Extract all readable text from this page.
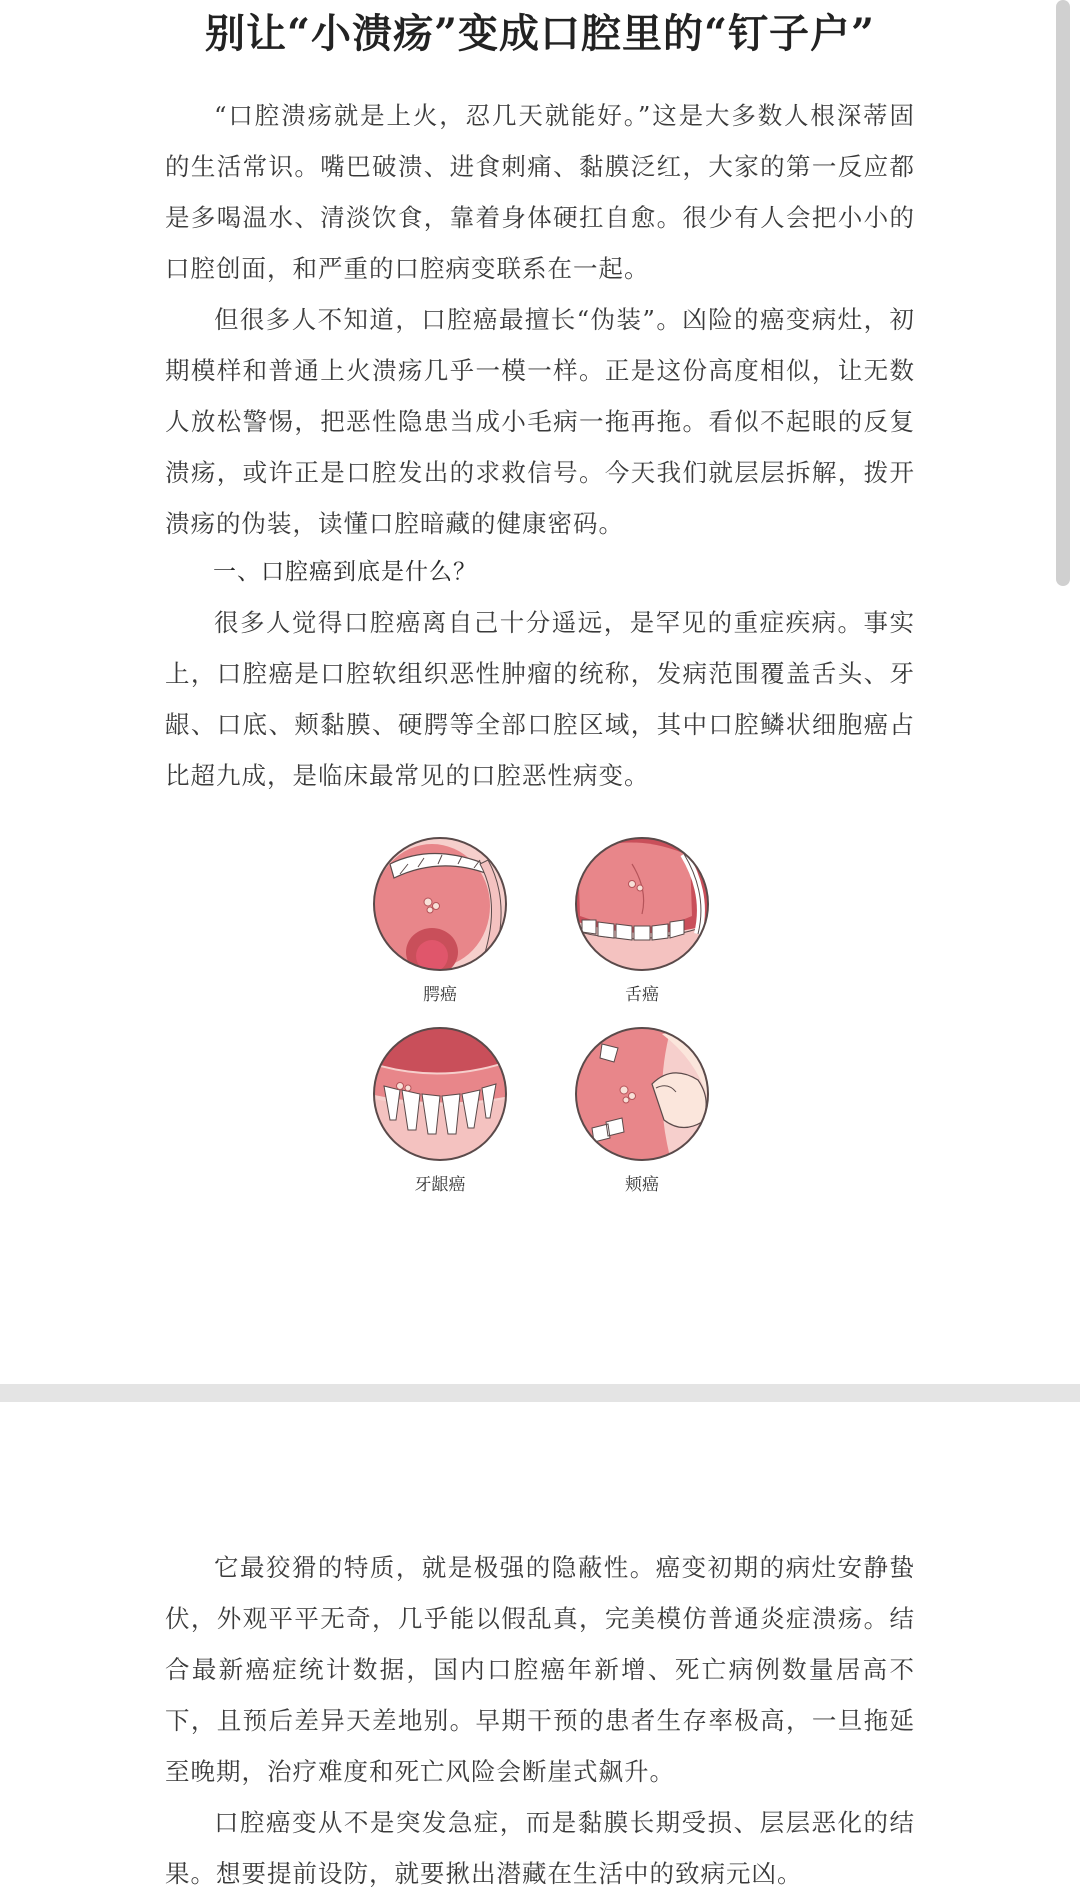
别让“小溃疡”变成口腔里的“钉子户”

“口腔溃疡就是上火，忍几天就能好。”这是大多数人根深蒂固的生活常识。嘴巴破溃、进食刺痛、黏膜泛红，大家的第一反应都是多喝温水、清淡饮食，靠着身体硬扛自愈。很少有人会把小小的口腔创面，和严重的口腔病变联系在一起。

但很多人不知道，口腔癌最擅长“伪装”。凶险的癌变病灶，初期模样和普通上火溃疡几乎一模一样。正是这份高度相似，让无数人放松警惕，把恶性隐患当成小毛病一拖再拖。看似不起眼的反复溃疡，或许正是口腔发出的求救信号。今天我们就层层拆解，拨开溃疡的伪装，读懂口腔暗藏的健康密码。

一、口腔癌到底是什么？

很多人觉得口腔癌离自己十分遥远，是罕见的重症疾病。事实上，口腔癌是口腔软组织恶性肿瘤的统称，发病范围覆盖舌头、牙龈、口底、颊黏膜、硬腭等全部口腔区域，其中口腔鳞状细胞癌占比超九成，是临床最常见的口腔恶性病变。

腭癌	舌癌
牙龈癌	颊癌

它最狡猾的特质，就是极强的隐蔽性。癌变初期的病灶安静蛰伏，外观平平无奇，几乎能以假乱真，完美模仿普通炎症溃疡。结合最新癌症统计数据，国内口腔癌年新增、死亡病例数量居高不下，且预后差异天差地别。早期干预的患者生存率极高，一旦拖延至晚期，治疗难度和死亡风险会断崖式飙升。

口腔癌变从不是突发急症，而是黏膜长期受损、层层恶化的结果。想要提前设防，就要揪出潜藏在生活中的致病元凶。
